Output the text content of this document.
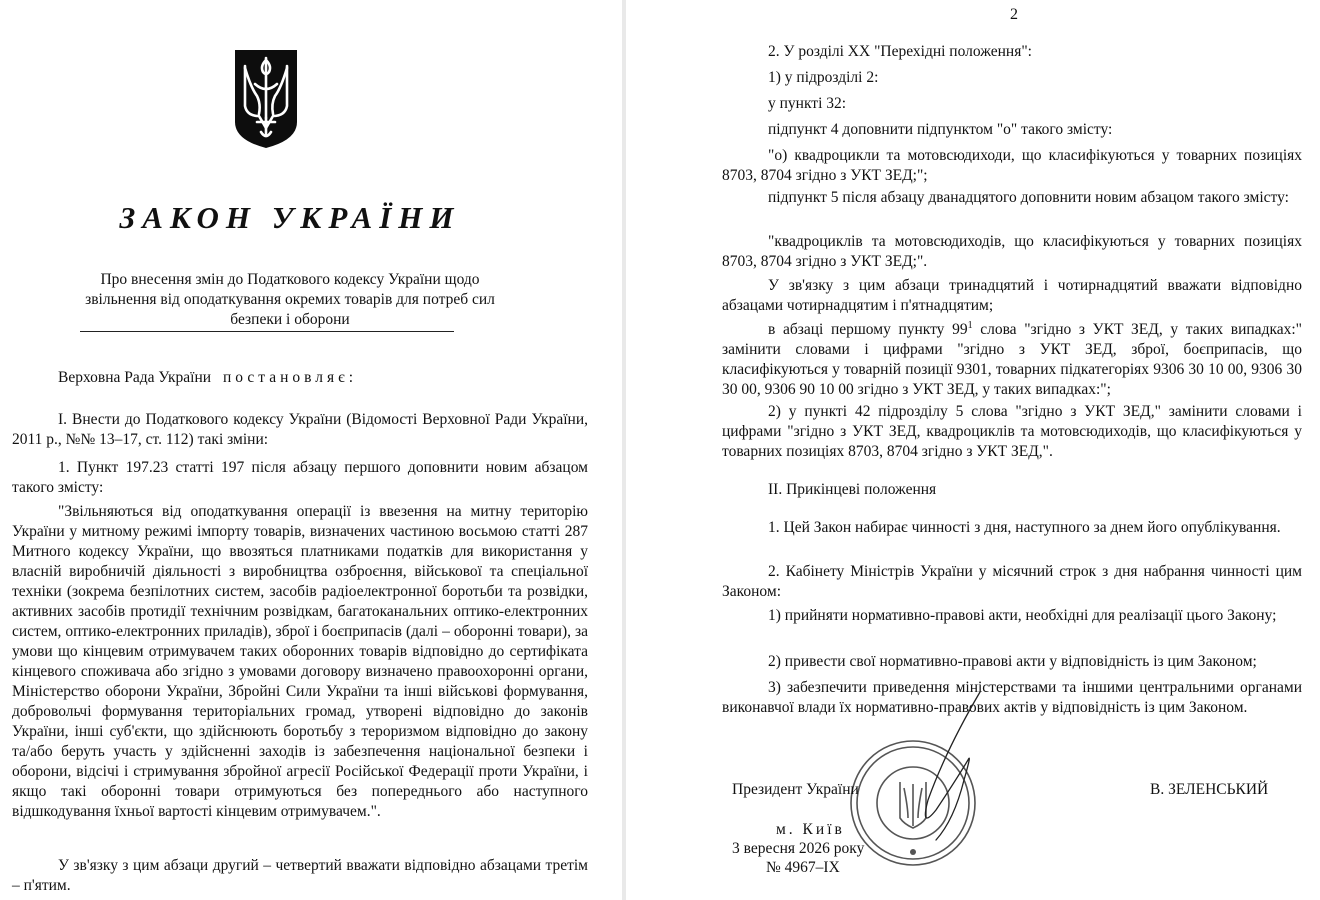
ЗАКОН УКРАЇНИ
Про внесення змін до Податкового кодексу України щодо звільнення від оподаткування окремих товарів для потреб сил безпеки і оборони
Верховна Рада України постановляє:
І. Внести до Податкового кодексу України (Відомості Верховної Ради України, 2011 р., №№ 13–17, ст. 112) такі зміни:
1. Пункт 197.23 статті 197 після абзацу першого доповнити новим абзацом такого змісту:
"Звільняються від оподаткування операції із ввезення на митну територію України у митному режимі імпорту товарів, визначених частиною восьмою статті 287 Митного кодексу України, що ввозяться платниками податків для використання у власній виробничій діяльності з виробництва озброєння, військової та спеціальної техніки (зокрема безпілотних систем, засобів радіоелектронної боротьби та розвідки, активних засобів протидії технічним розвідкам, багатоканальних оптико-електронних систем, оптико-електронних приладів), зброї і боєприпасів (далі – оборонні товари), за умови що кінцевим отримувачем таких оборонних товарів відповідно до сертифіката кінцевого споживача або згідно з умовами договору визначено правоохоронні органи, Міністерство оборони України, Збройні Сили України та інші військові формування, добровольчі формування територіальних громад, утворені відповідно до законів України, інші суб'єкти, що здійснюють боротьбу з тероризмом відповідно до закону та/або беруть участь у здійсненні заходів із забезпечення національної безпеки і оборони, відсічі і стримування збройної агресії Російської Федерації проти України, і якщо такі оборонні товари отримуються без попереднього або наступного відшкодування їхньої вартості кінцевим отримувачем.".
У зв'язку з цим абзаци другий – четвертий вважати відповідно абзацами третім – п'ятим.
2
2. У розділі XX "Перехідні положення":
1) у підрозділі 2:
у пункті 32:
підпункт 4 доповнити підпунктом "о" такого змісту:
"о) квадроцикли та мотовсюдиходи, що класифікуються у товарних позиціях 8703, 8704 згідно з УКТ ЗЕД;";
підпункт 5 після абзацу дванадцятого доповнити новим абзацом такого змісту:
"квадроциклів та мотовсюдиходів, що класифікуються у товарних позиціях 8703, 8704 згідно з УКТ ЗЕД;".
У зв'язку з цим абзаци тринадцятий і чотирнадцятий вважати відповідно абзацами чотирнадцятим і п'ятнадцятим;
в абзаці першому пункту $99^1$ слова "згідно з УКТ ЗЕД, у таких випадках:" замінити словами і цифрами "згідно з УКТ ЗЕД, зброї, боєприпасів, що класифікуються у товарній позиції 9301, товарних підкатегоріях 9306 30 10 00, 9306 30 30 00, 9306 90 10 00 згідно з УКТ ЗЕД, у таких випадках:";
2) у пункті 42 підрозділу 5 слова "згідно з УКТ ЗЕД," замінити словами і цифрами "згідно з УКТ ЗЕД, квадроциклів та мотовсюдиходів, що класифікуються у товарних позиціях 8703, 8704 згідно з УКТ ЗЕД,".
ІІ. Прикінцеві положення
1. Цей Закон набирає чинності з дня, наступного за днем його опублікування.
2. Кабінету Міністрів України у місячний строк з дня набрання чинності цим Законом:
1) прийняти нормативно-правові акти, необхідні для реалізації цього Закону;
2) привести свої нормативно-правові акти у відповідність із цим Законом;
3) забезпечити приведення міністерствами та іншими центральними органами виконавчої влади їх нормативно-правових актів у відповідність із цим Законом.
Президент України	В. ЗЕЛЕНСЬКИЙ
м. Київ
3 вересня 2026 року
№ 4967–IX
